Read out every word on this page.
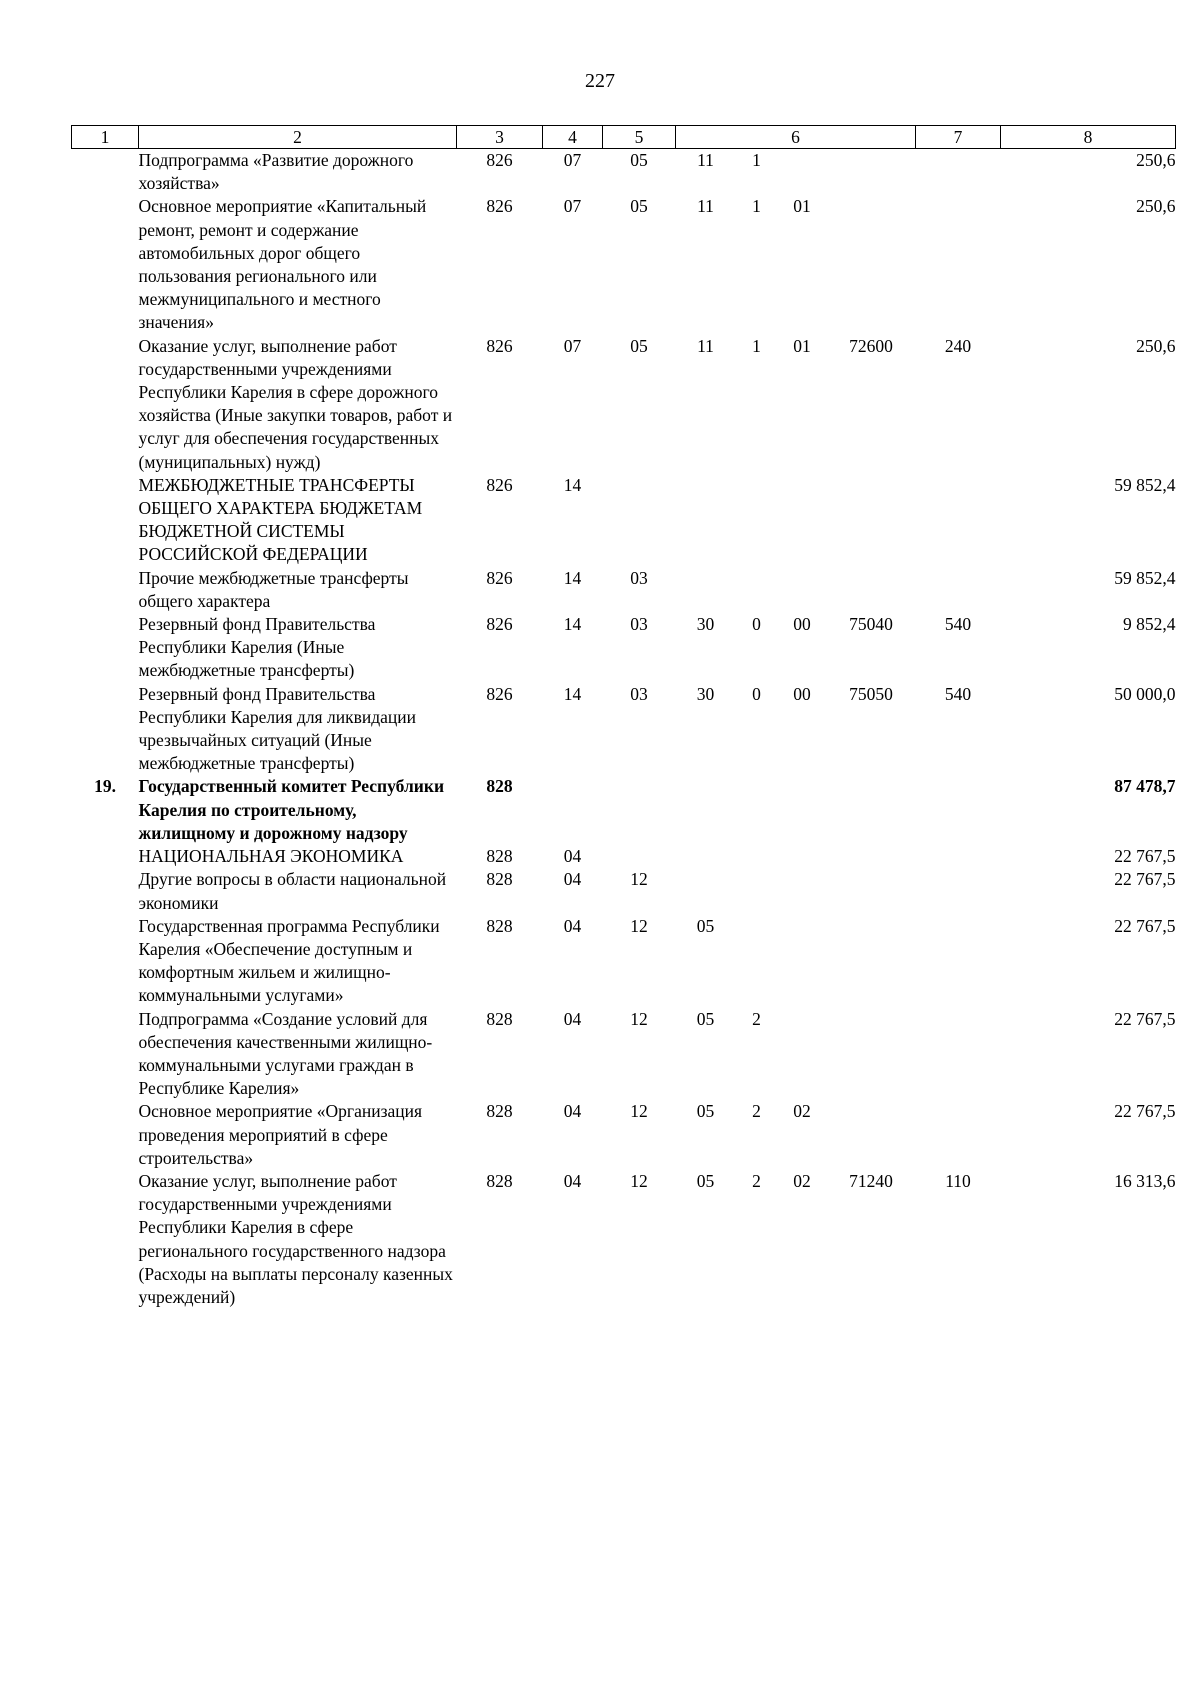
227
1	2	3	4	5	6				7	8
	Подпрограмма «Развитие дорожного хозяйства»	826	07	05	11	1				250,6
	Основное мероприятие «Капитальный ремонт, ремонт и содержание автомобильных дорог общего пользования регионального или межмуниципального и местного значения»	826	07	05	11	1	01			250,6
	Оказание услуг, выполнение работ государственными учреждениями Республики Карелия в сфере дорожного хозяйства (Иные закупки товаров, работ и услуг для обеспечения государственных (муниципальных) нужд)	826	07	05	11	1	01	72600	240	250,6
	МЕЖБЮДЖЕТНЫЕ ТРАНСФЕРТЫ ОБЩЕГО ХАРАКТЕРА БЮДЖЕТАМ БЮДЖЕТНОЙ СИСТЕМЫ РОССИЙСКОЙ ФЕДЕРАЦИИ	826	14							59 852,4
	Прочие межбюджетные трансферты общего характера	826	14	03						59 852,4
	Резервный фонд Правительства Республики Карелия (Иные межбюджетные трансферты)	826	14	03	30	0	00	75040	540	9 852,4
	Резервный фонд Правительства Республики Карелия для ликвидации чрезвычайных ситуаций (Иные межбюджетные трансферты)	826	14	03	30	0	00	75050	540	50 000,0
19.	Государственный комитет Республики Карелия по строительному, жилищному и дорожному надзору	828								87 478,7
	НАЦИОНАЛЬНАЯ ЭКОНОМИКА	828	04							22 767,5
	Другие вопросы в области национальной экономики	828	04	12						22 767,5
	Государственная программа Республики Карелия «Обеспечение доступным и комфортным жильем и жилищно-коммунальными услугами»	828	04	12	05					22 767,5
	Подпрограмма «Создание условий для обеспечения качественными жилищно-коммунальными услугами граждан в Республике Карелия»	828	04	12	05	2				22 767,5
	Основное мероприятие «Организация проведения мероприятий в сфере строительства»	828	04	12	05	2	02			22 767,5
	Оказание услуг, выполнение работ государственными учреждениями Республики Карелия в сфере регионального государственного надзора (Расходы на выплаты персоналу казенных учреждений)	828	04	12	05	2	02	71240	110	16 313,6
